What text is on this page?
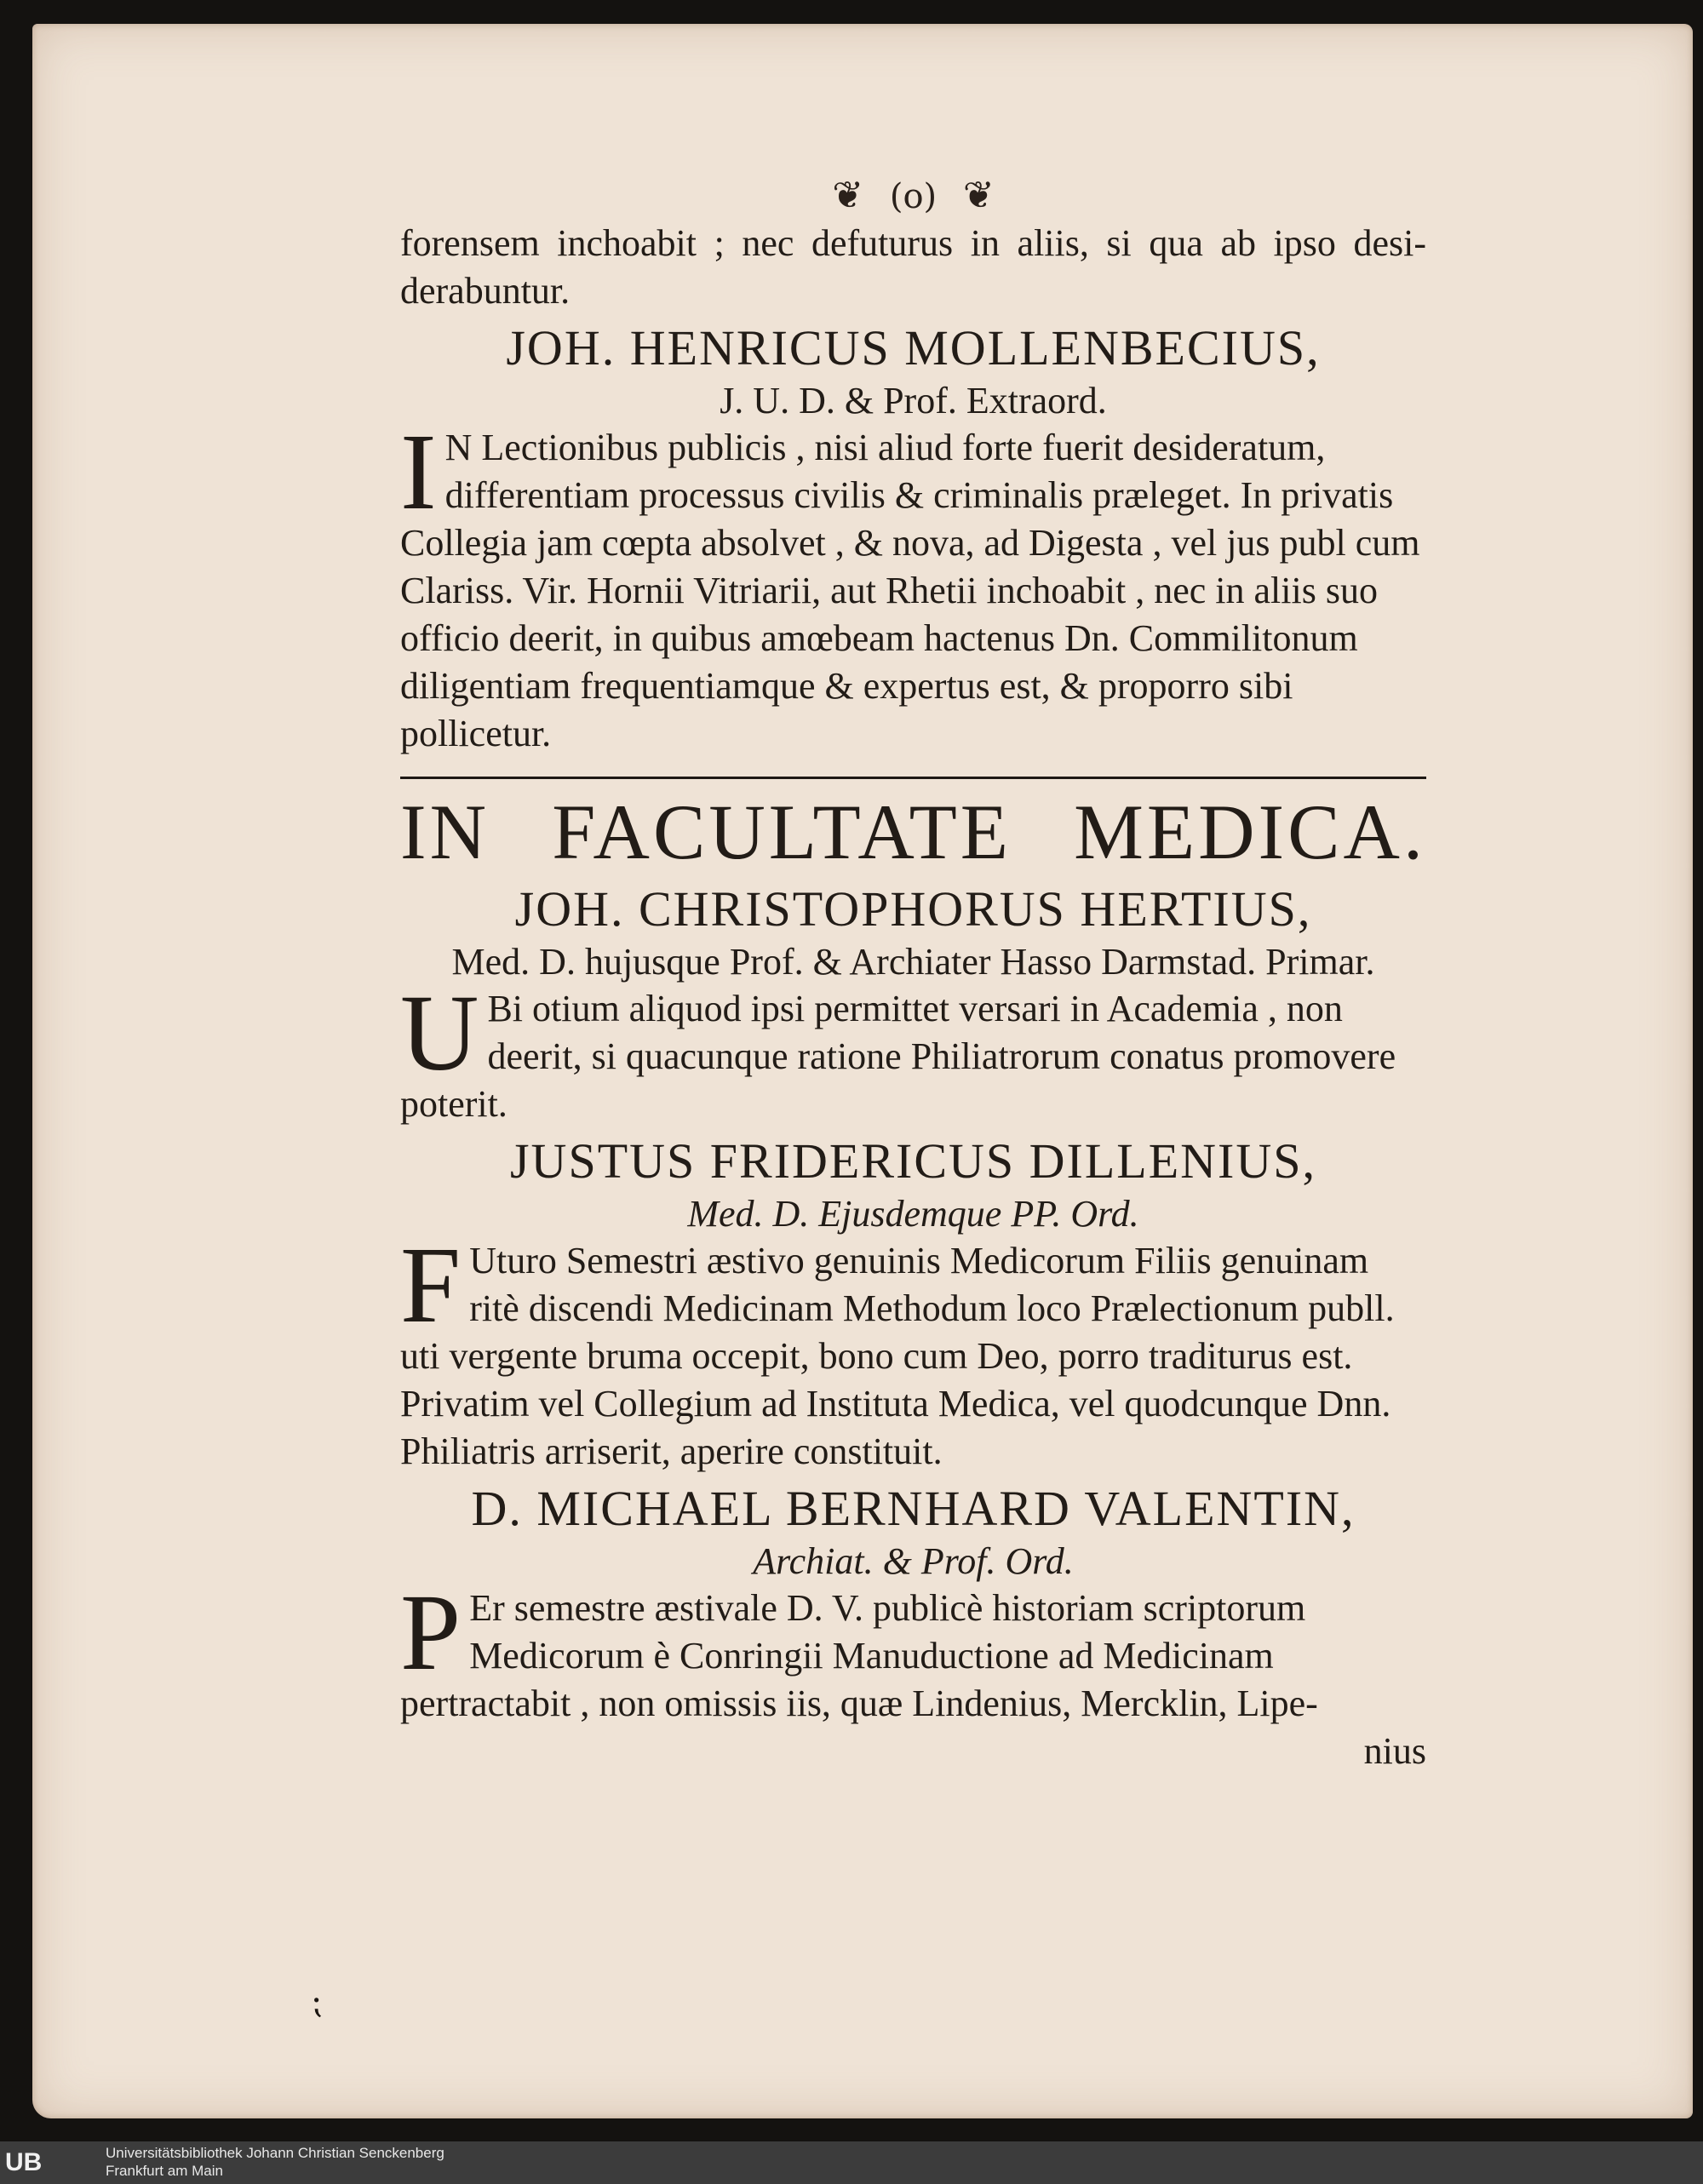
❦ (o) ❦
forensem inchoabit ; nec defuturus in aliis, si qua ab ipso desi-
derabuntur.
JOH. HENRICUS MOLLENBECIUS,
J. U. D. & Prof. Extraord.
I N Lectionibus publicis , nisi aliud forte fuerit desideratum, differentiam processus civilis & criminalis præleget. In privatis Collegia jam cœpta absolvet , & nova, ad Digesta , vel jus publ cum Clariss. Vir. Hornii Vitriarii, aut Rhetii inchoabit , nec in aliis suo officio deerit, in quibus amœbeam hactenus Dn. Commilitonum diligentiam frequentiamque & expertus est, & proporro sibi pollicetur.
IN FACULTATE MEDICA.
JOH. CHRISTOPHORUS HERTIUS,
Med. D. hujusque Prof. & Archiater Hasso Darmstad. Primar.
U Bi otium aliquod ipsi permittet versari in Academia , non deerit, si quacunque ratione Philiatrorum conatus promovere poterit.
JUSTUS FRIDERICUS DILLENIUS,
Med. D. Ejusdemque PP. Ord.
F Uturo Semestri æstivo genuinis Medicorum Filiis genuinam ritè discendi Medicinam Methodum loco Prælectionum publl. uti vergente bruma occepit, bono cum Deo, porro traditurus est. Privatim vel Collegium ad Instituta Medica, vel quodcunque Dnn. Philiatris arriserit, aperire constituit.
D. MICHAEL BERNHARD VALENTIN,
Archiat. & Prof. Ord.
P Er semestre æstivale D. V. publicè historiam scriptorum Medicorum è Conringii Manuductione ad Medicinam pertractabit , non omissis iis, quæ Lindenius, Mercklin, Lipe-
nius
⁏
UB	Universitätsbibliothek Johann Christian Senckenberg
Frankfurt am Main
